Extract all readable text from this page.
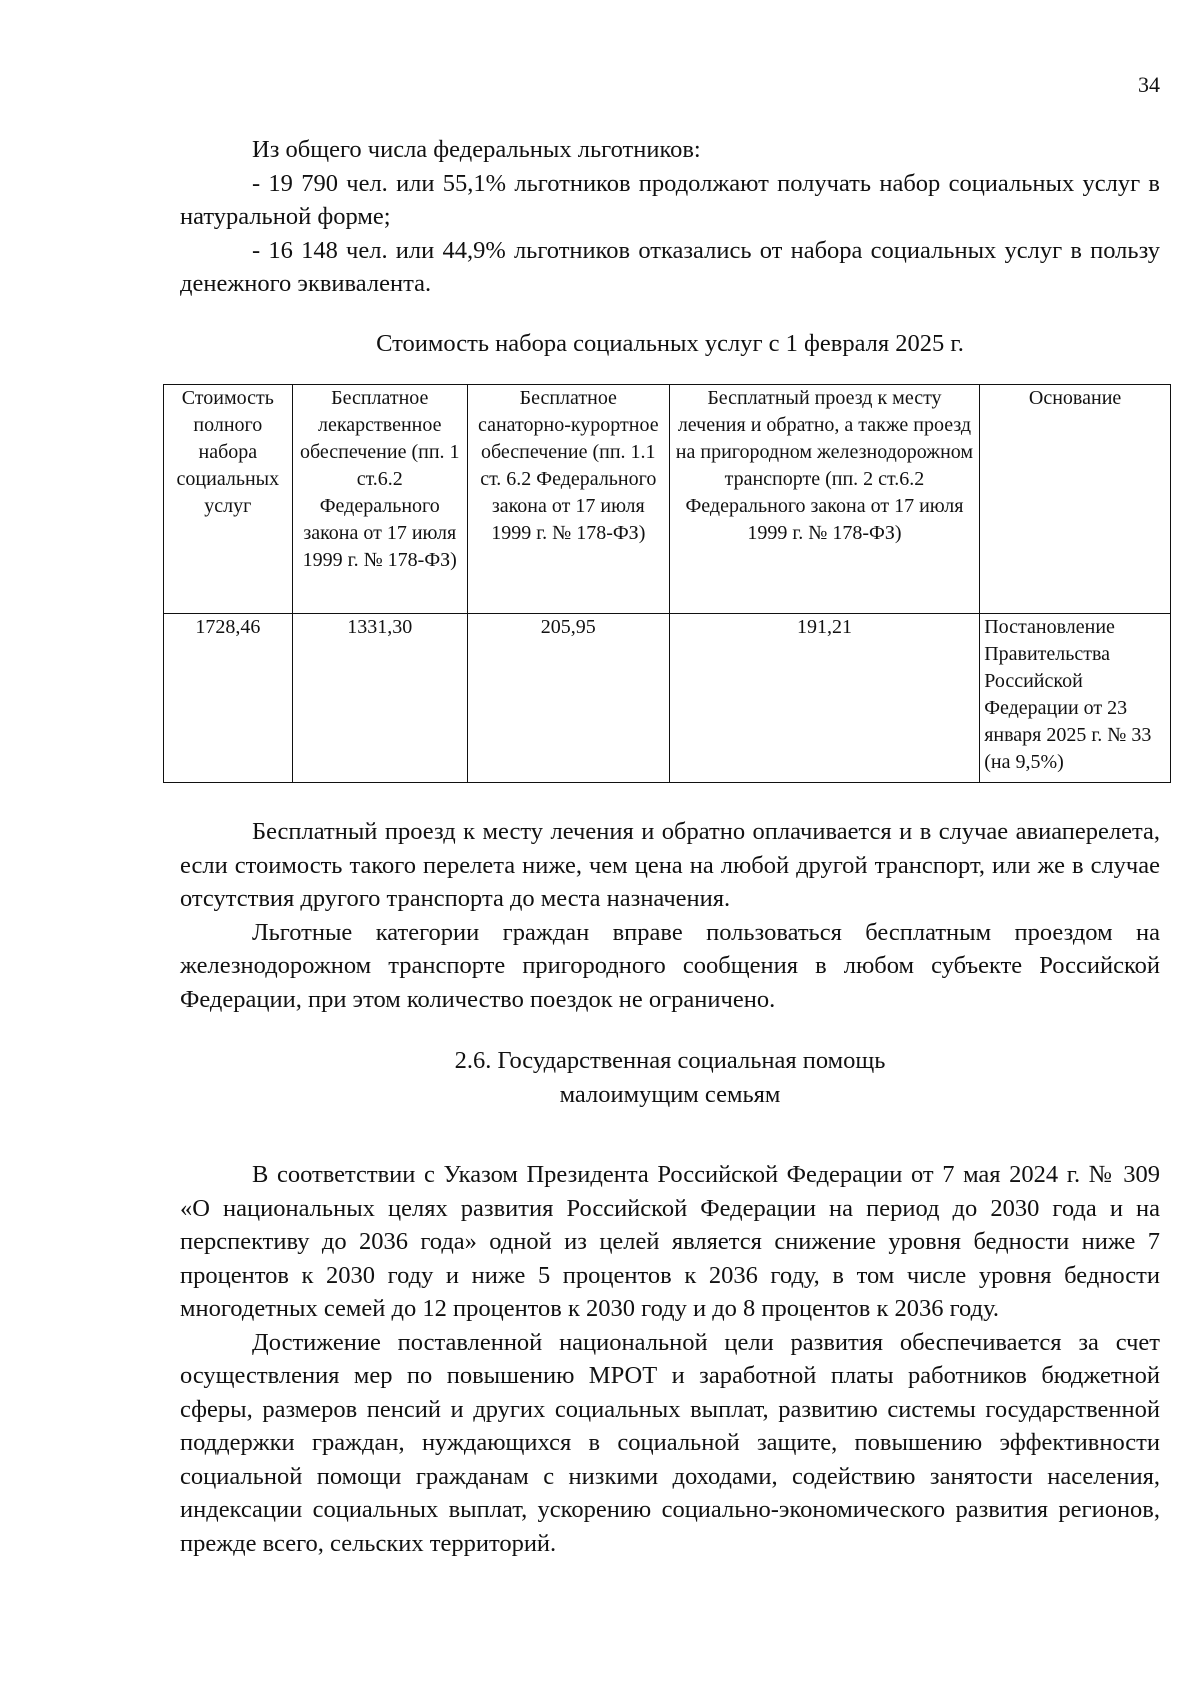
34

Из общего числа федеральных льготников:

- 19 790 чел. или 55,1% льготников продолжают получать набор социальных услуг в натуральной форме;

- 16 148 чел. или 44,9% льготников отказались от набора социальных услуг в пользу денежного эквивалента.

Стоимость набора социальных услуг с 1 февраля 2025 г.
Стоимость полного набора социальных услуг	Бесплатное лекарственное обеспечение (пп. 1 ст.6.2 Федерального закона от 17 июля 1999 г. № 178-ФЗ)	Бесплатное санаторно-курортное обеспечение (пп. 1.1 ст. 6.2 Федерального закона от 17 июля 1999 г. № 178-ФЗ)	Бесплатный проезд к месту лечения и обратно, а также проезд на пригородном железнодорожном транспорте (пп. 2 ст.6.2 Федерального закона от 17 июля 1999 г. № 178-ФЗ)	Основание
1728,46	1331,30	205,95	191,21	Постановление Правительства Российской Федерации от 23 января 2025 г. № 33 (на 9,5%)

Бесплатный проезд к месту лечения и обратно оплачивается и в случае авиаперелета, если стоимость такого перелета ниже, чем цена на любой другой транспорт, или же в случае отсутствия другого транспорта до места назначения.

Льготные категории граждан вправе пользоваться бесплатным проездом на железнодорожном транспорте пригородного сообщения в любом субъекте Российской Федерации, при этом количество поездок не ограничено.

2.6. Государственная социальная помощь
малоимущим семьям

В соответствии с Указом Президента Российской Федерации от 7 мая 2024 г. № 309 «О национальных целях развития Российской Федерации на период до 2030 года и на перспективу до 2036 года» одной из целей является снижение уровня бедности ниже 7 процентов к 2030 году и ниже 5 процентов к 2036 году, в том числе уровня бедности многодетных семей до 12 процентов к 2030 году и до 8 процентов к 2036 году.

Достижение поставленной национальной цели развития обеспечивается за счет осуществления мер по повышению МРОТ и заработной платы работников бюджетной сферы, размеров пенсий и других социальных выплат, развитию системы государственной поддержки граждан, нуждающихся в социальной защите, повышению эффективности социальной помощи гражданам с низкими доходами, содействию занятости населения, индексации социальных выплат, ускорению социально-экономического развития регионов, прежде всего, сельских территорий.
